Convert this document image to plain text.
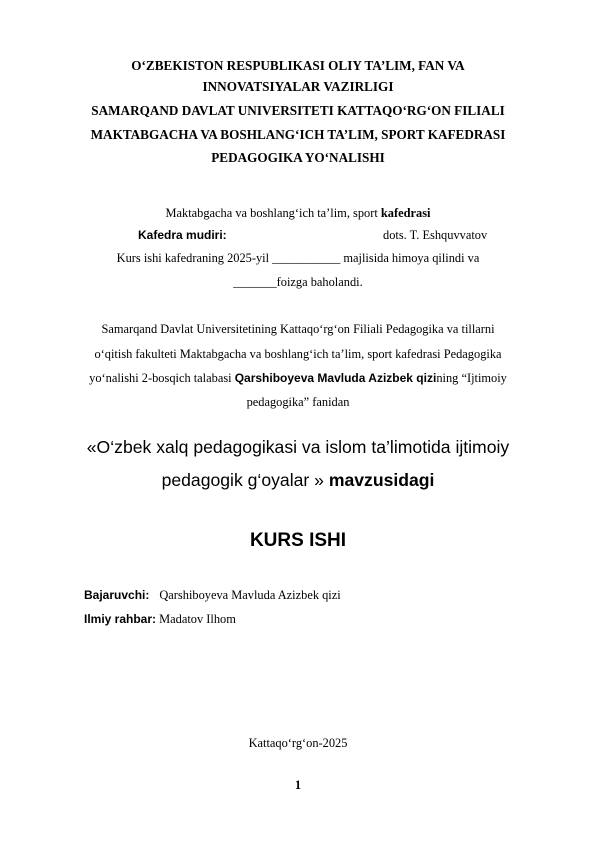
O‘ZBEKISTON RESPUBLIKASI OLIY TA’LIM, FAN VA
INNOVATSIYALAR VAZIRLIGI
SAMARQAND DAVLAT UNIVERSITETI KATTAQO‘RG‘ON FILIALI
MAKTABGACHA VA BOSHLANG‘ICH TA’LIM, SPORT KAFEDRASI
PEDAGOGIKA YO‘NALISHI
Maktabgacha va boshlang‘ich ta’lim, sport kafedrasi
Kafedra mudiri:	dots. T. Eshquvvatov
Kurs ishi kafedraning 2025-yil ___________ majlisida himoya qilindi va
_______foizga baholandi.
Samarqand Davlat Universitetining Kattaqo‘rg‘on Filiali Pedagogika va tillarni
o‘qitish fakulteti Maktabgacha va boshlang‘ich ta’lim, sport kafedrasi Pedagogika
yo‘nalishi 2-bosqich talabasi Qarshiboyeva Mavluda Azizbek qizining “Ijtimoiy
pedagogika” fanidan
«O‘zbek xalq pedagogikasi va islom ta’limotida ijtimoiy
pedagogik g‘oyalar » mavzusidagi
KURS ISHI
Bajaruvchi: Qarshiboyeva Mavluda Azizbek qizi
Ilmiy rahbar: Madatov Ilhom
Kattaqo‘rg‘on-2025
1
